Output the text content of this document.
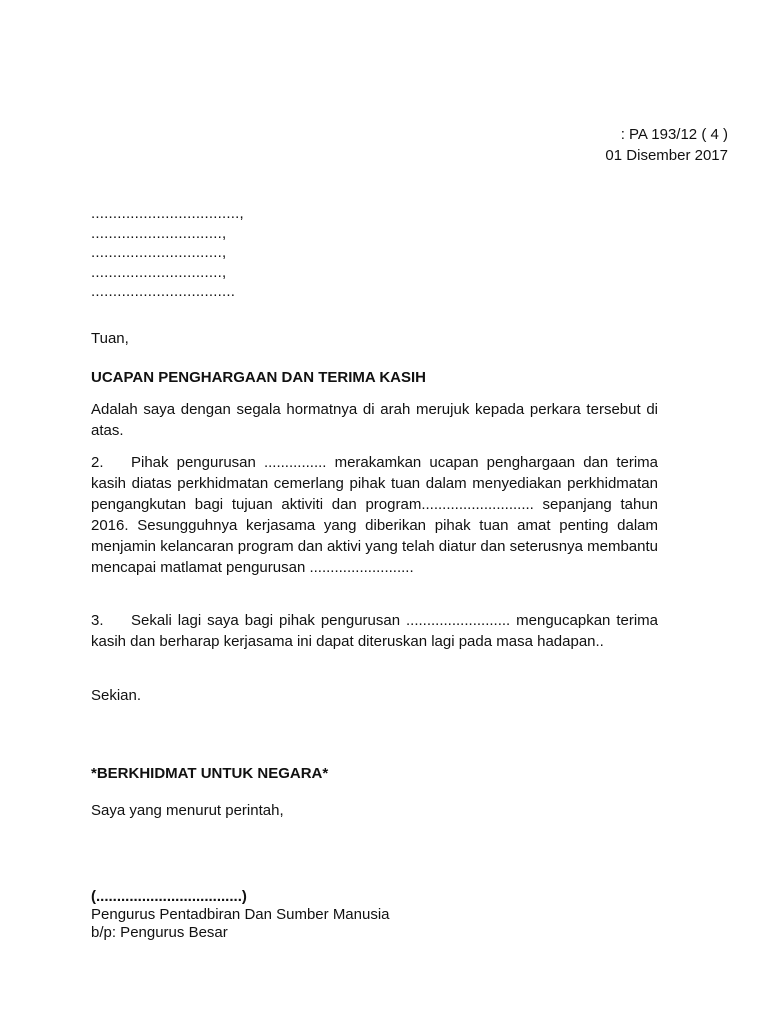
: PA 193/12 ( 4 )
01 Disember 2017
..................................,
..............................,
..............................,
..............................,
.................................
Tuan,
UCAPAN PENGHARGAAN DAN TERIMA KASIH
Adalah saya dengan segala hormatnya di arah merujuk kepada perkara tersebut di atas.
2. Pihak pengurusan ............... merakamkan ucapan penghargaan dan terima kasih diatas perkhidmatan cemerlang pihak tuan dalam menyediakan perkhidmatan pengangkutan bagi tujuan aktiviti dan program........................... sepanjang tahun 2016. Sesungguhnya kerjasama yang diberikan pihak tuan amat penting dalam menjamin kelancaran program dan aktivi yang telah diatur dan seterusnya membantu mencapai matlamat pengurusan .........................
3. Sekali lagi saya bagi pihak pengurusan ......................... mengucapkan terima kasih dan berharap kerjasama ini dapat diteruskan lagi pada masa hadapan..
Sekian.
*BERKHIDMAT UNTUK NEGARA*
Saya yang menurut perintah,
(...................................)
Pengurus Pentadbiran Dan Sumber Manusia
b/p: Pengurus Besar
